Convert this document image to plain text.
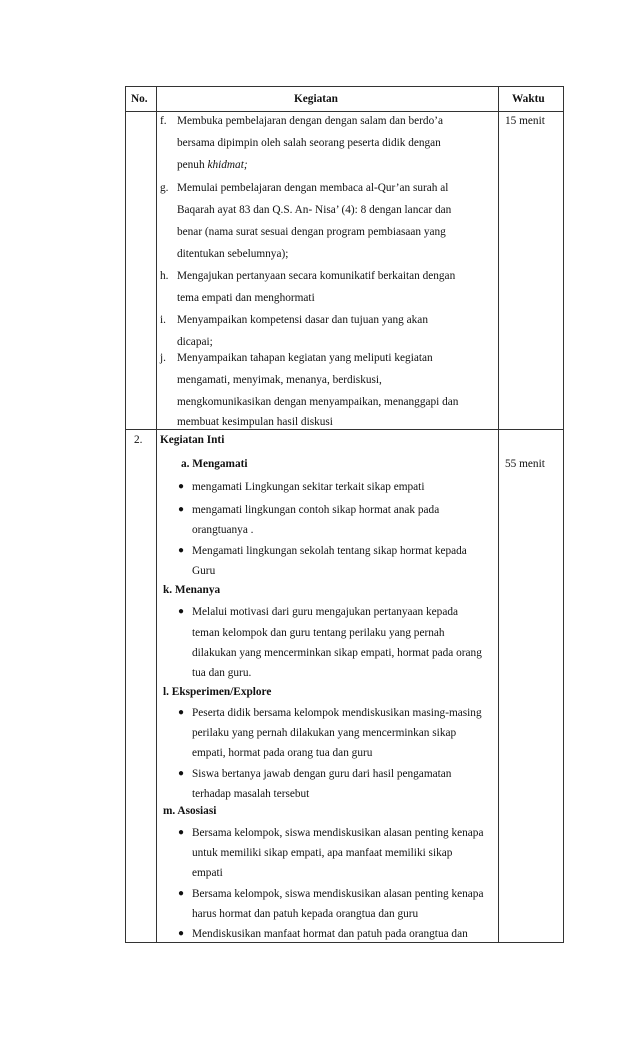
No.	Kegiatan	Waktu
15 menit
f. Membuka pembelajaran dengan dengan salam dan berdo’a
bersama dipimpin oleh salah seorang peserta didik dengan
penuh khidmat;
g. Memulai pembelajaran dengan membaca al-Qur’an surah al
Baqarah ayat 83 dan Q.S. An- Nisa’ (4): 8 dengan lancar dan
benar (nama surat sesuai dengan program pembiasaan yang
ditentukan sebelumnya);
h. Mengajukan pertanyaan secara komunikatif berkaitan dengan
tema empati dan menghormati
i. Menyampaikan kompetensi dasar dan tujuan yang akan
dicapai;
j. Menyampaikan tahapan kegiatan yang meliputi kegiatan
mengamati, menyimak, menanya, berdiskusi,
mengkomunikasikan dengan menyampaikan, menanggapi dan
membuat kesimpulan hasil diskusi
2. Kegiatan Inti
55 menit
a. Mengamati
● mengamati Lingkungan sekitar terkait sikap empati
● mengamati lingkungan contoh sikap hormat anak pada
orangtuanya .
● Mengamati lingkungan sekolah tentang sikap hormat kepada
Guru
k. Menanya
● Melalui motivasi dari guru mengajukan pertanyaan kepada
teman kelompok dan guru tentang perilaku yang pernah
dilakukan yang mencerminkan sikap empati, hormat pada orang
tua dan guru.
l. Eksperimen/Explore
● Peserta didik bersama kelompok mendiskusikan masing-masing
perilaku yang pernah dilakukan yang mencerminkan sikap
empati, hormat pada orang tua dan guru
● Siswa bertanya jawab dengan guru dari hasil pengamatan
terhadap masalah tersebut
m. Asosiasi
● Bersama kelompok, siswa mendiskusikan alasan penting kenapa
untuk memiliki sikap empati, apa manfaat memiliki sikap
empati
● Bersama kelompok, siswa mendiskusikan alasan penting kenapa
harus hormat dan patuh kepada orangtua dan guru
● Mendiskusikan manfaat hormat dan patuh pada orangtua dan
